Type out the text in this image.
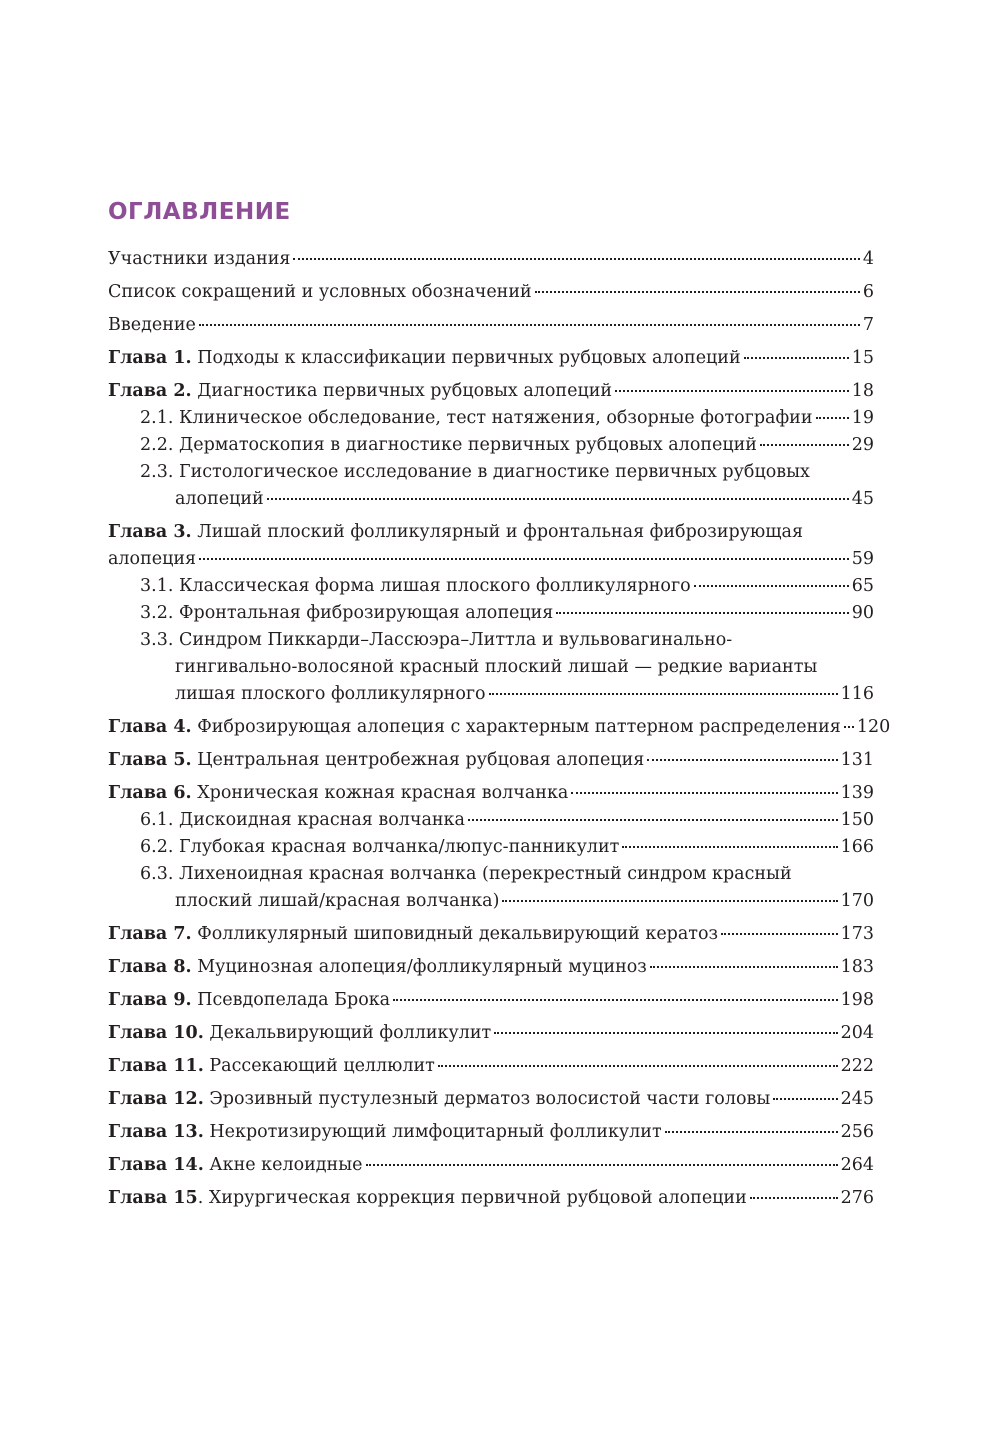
ОГЛАВЛЕНИЕ
Участники издания	4
Список сокращений и условных обозначений	6
Введение	7
Глава 1. Подходы к классификации первичных рубцовых алопеций	15
Глава 2. Диагностика первичных рубцовых алопеций	18
2.1. Клиническое обследование, тест натяжения, обзорные фотографии 19
2.2. Дерматоскопия в диагностике первичных рубцовых алопеций	29
2.3. Гистологическое исследование в диагностике первичных рубцовых
алопеций	45
Глава 3. Лишай плоский фолликулярный и фронтальная фиброзирующая
алопеция	59
3.1. Классическая форма лишая плоского фолликулярного	65
3.2. Фронтальная фиброзирующая алопеция	90
3.3. Синдром Пиккарди–Лассюэра–Литтла и вульвовагинально-
гингивально-волосяной красный плоский лишай — редкие варианты
лишая плоского фолликулярного	116
Глава 4. Фиброзирующая алопеция с характерным паттерном распределения 120
Глава 5. Центральная центробежная рубцовая алопеция	131
Глава 6. Хроническая кожная красная волчанка	139
6.1. Дискоидная красная волчанка	150
6.2. Глубокая красная волчанка/люпус-панникулит	166
6.3. Лихеноидная красная волчанка (перекрестный синдром красный
плоский лишай/красная волчанка)	170
Глава 7. Фолликулярный шиповидный декальвирующий кератоз	173
Глава 8. Муцинозная алопеция/фолликулярный муциноз	183
Глава 9. Псевдопелада Брока	198
Глава 10. Декальвирующий фолликулит	204
Глава 11. Рассекающий целлюлит	222
Глава 12. Эрозивный пустулезный дерматоз волосистой части головы	245
Глава 13. Некротизирующий лимфоцитарный фолликулит	256
Глава 14. Акне келоидные	264
Глава 15. Хирургическая коррекция первичной рубцовой алопеции	276
